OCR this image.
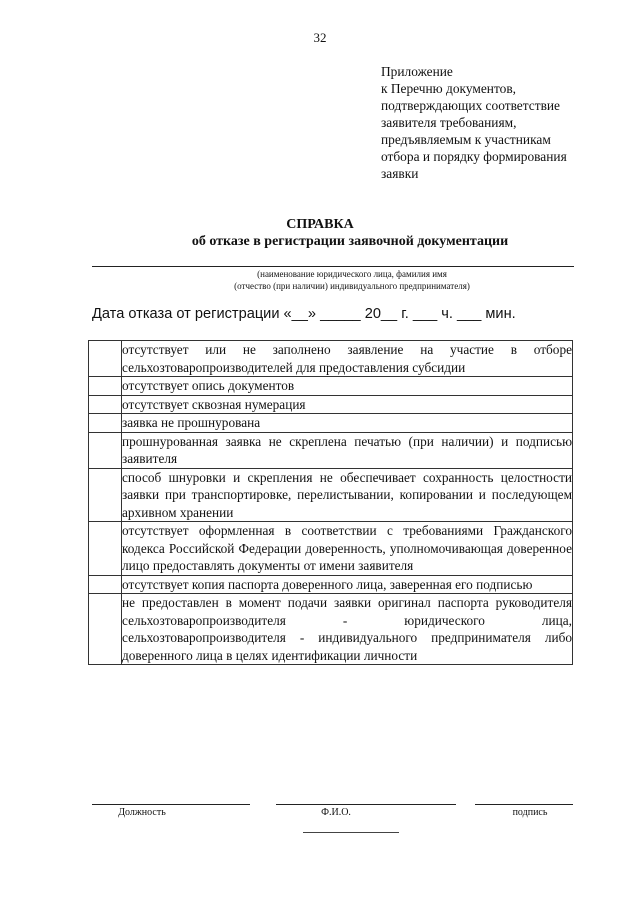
32
Приложение
к Перечню документов,
подтверждающих соответствие
заявителя требованиям,
предъявляемым к участникам
отбора и порядку формирования
заявки
СПРАВКА
об отказе в регистрации заявочной документации
(наименование юридического лица, фамилия имя
(отчество (при наличии) индивидуального предпринимателя)
Дата отказа от регистрации «__» _____ 20__ г. ___ ч. ___ мин.
	отсутствует или не заполнено заявление на участие в отборе сельхозтоваропроизводителей для предоставления субсидии
	отсутствует опись документов
	отсутствует сквозная нумерация
	заявка не прошнурована
	прошнурованная заявка не скреплена печатью (при наличии) и подписью заявителя
	способ шнуровки и скрепления не обеспечивает сохранность целостности заявки при транспортировке, перелистывании, копировании и последующем архивном хранении
	отсутствует оформленная в соответствии с требованиями Гражданского кодекса Российской Федерации доверенность, уполномочивающая доверенное лицо предоставлять документы от имени заявителя
	отсутствует копия паспорта доверенного лица, заверенная его подписью
	не предоставлен в момент подачи заявки оригинал паспорта руководителя сельхозтоваропроизводителя - юридического лица, сельхозтоваропроизводителя - индивидуального предпринимателя либо доверенного лица в целях идентификации личности
Должность	Ф.И.О.	подпись
